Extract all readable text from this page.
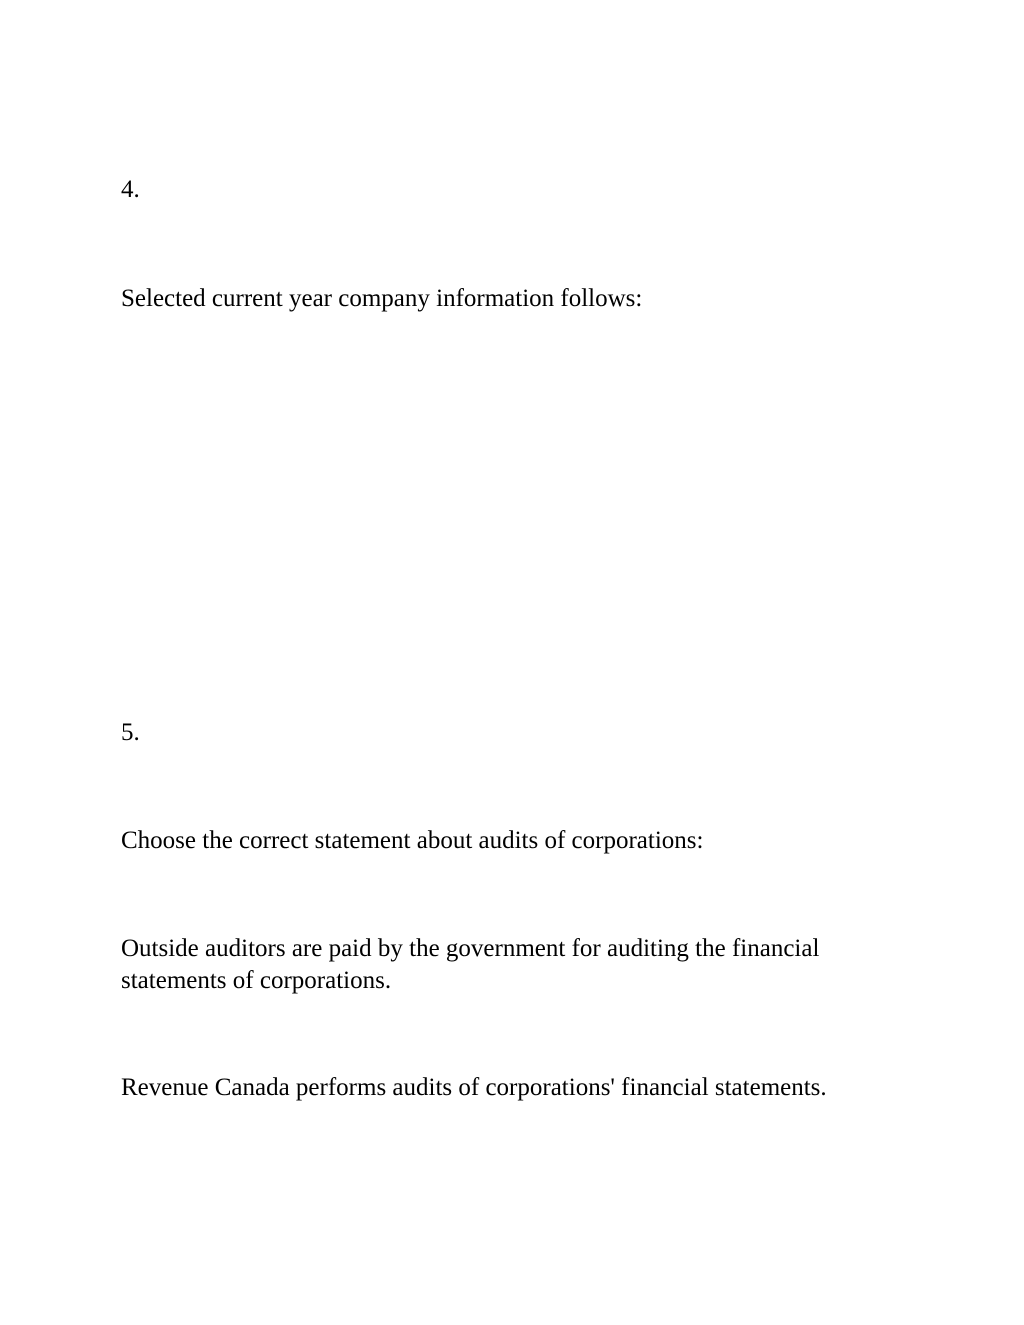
4.

Selected current year company information follows:

5.

Choose the correct statement about audits of corporations:

Outside auditors are paid by the government for auditing the financial statements of corporations.

Revenue Canada performs audits of corporations' financial statements.
